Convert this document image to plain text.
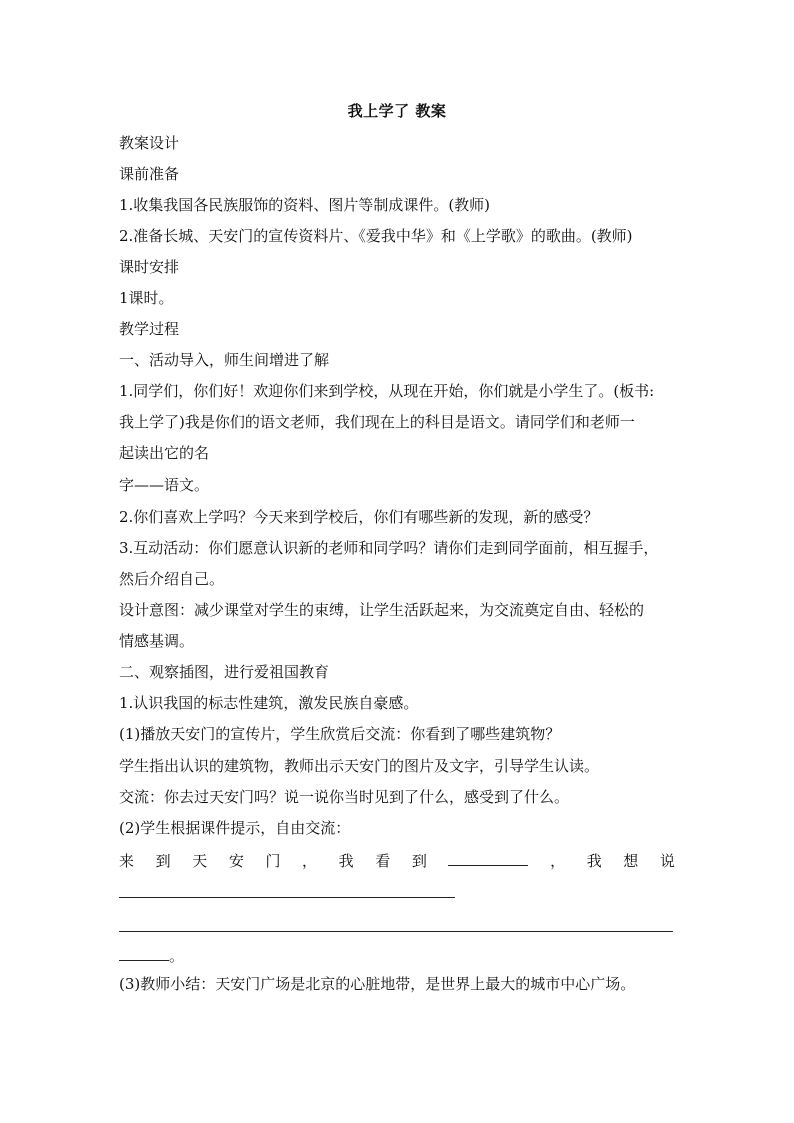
我上学了 教案
教案设计
课前准备
1.收集我国各民族服饰的资料、图片等制成课件。(教师)
2.准备长城、天安门的宣传资料片、《爱我中华》和《上学歌》的歌曲。(教师)
课时安排
1课时。
教学过程
一、活动导入，师生间增进了解
1.同学们，你们好！欢迎你们来到学校，从现在开始，你们就是小学生了。(板书:
我上学了)我是你们的语文老师，我们现在上的科目是语文。请同学们和老师一
起读出它的名
字——语文。
2.你们喜欢上学吗？今天来到学校后，你们有哪些新的发现，新的感受？
3.互动活动：你们愿意认识新的老师和同学吗？请你们走到同学面前，相互握手，
然后介绍自己。
设计意图：减少课堂对学生的束缚，让学生活跃起来，为交流奠定自由、轻松的
情感基调。
二、观察插图，进行爱祖国教育
1.认识我国的标志性建筑，激发民族自豪感。
(1)播放天安门的宣传片，学生欣赏后交流：你看到了哪些建筑物？
学生指出认识的建筑物，教师出示天安门的图片及文字，引导学生认读。
交流：你去过天安门吗？说一说你当时见到了什么，感受到了什么。
(2)学生根据课件提示，自由交流：
来 到 天 安 门 ， 我 看 到	， 我 想 说
。
(3)教师小结：天安门广场是北京的心脏地带，是世界上最大的城市中心广场。
